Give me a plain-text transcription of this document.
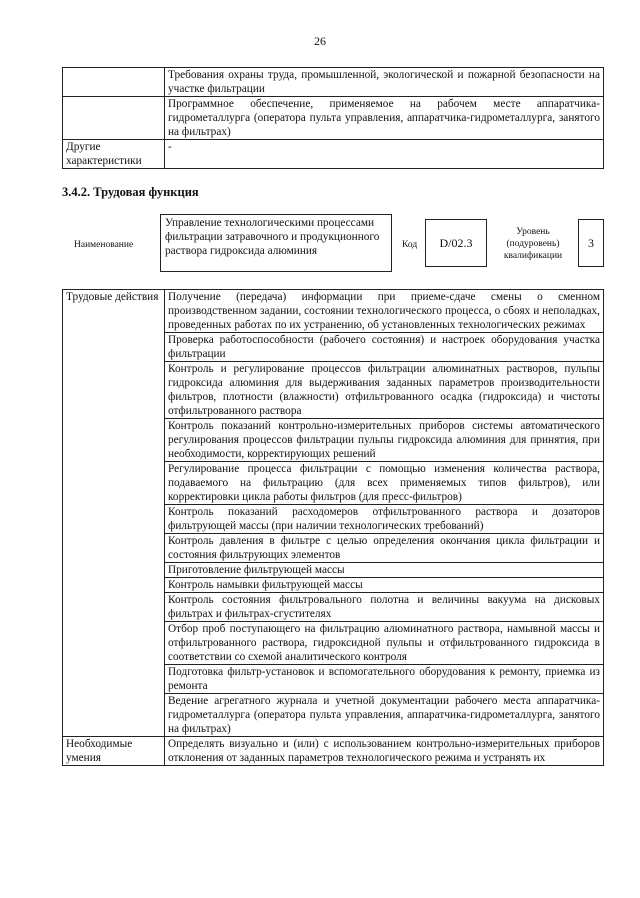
26
	Требования охраны труда, промышленной, экологической и пожарной безопасности на участке фильтрации
	Программное обеспечение, применяемое на рабочем месте аппаратчика-гидрометаллурга (оператора пульта управления, аппаратчика-гидрометаллурга, занятого на фильтрах)
Другие характеристики	-
3.4.2. Трудовая функция
Наименование
Управление технологическими процессами фильтрации затравочного и продукционного раствора гидроксида алюминия	Код	D/02.3
Уровень (подуровень) квалификации
3
Трудовые действия	Получение (передача) информации при приеме-сдаче смены о сменном производственном задании, состоянии технологического процесса, о сбоях и неполадках, проведенных работах по их устранению, об установленных технологических режимах
	Проверка работоспособности (рабочего состояния) и настроек оборудования участка фильтрации
	Контроль и регулирование процессов фильтрации алюминатных растворов, пульпы гидроксида алюминия для выдерживания заданных параметров производительности фильтров, плотности (влажности) отфильтрованного осадка (гидроксида) и чистоты отфильтрованного раствора
	Контроль показаний контрольно-измерительных приборов системы автоматического регулирования процессов фильтрации пульпы гидроксида алюминия для принятия, при необходимости, корректирующих решений
	Регулирование процесса фильтрации с помощью изменения количества раствора, подаваемого на фильтрацию (для всех применяемых типов фильтров), или корректировки цикла работы фильтров (для пресс-фильтров)
	Контроль показаний расходомеров отфильтрованного раствора и дозаторов фильтрующей массы (при наличии технологических требований)
	Контроль давления в фильтре с целью определения окончания цикла фильтрации и состояния фильтрующих элементов
	Приготовление фильтрующей массы
	Контроль намывки фильтрующей массы
	Контроль состояния фильтровального полотна и величины вакуума на дисковых фильтрах и фильтрах-сгустителях
	Отбор проб поступающего на фильтрацию алюминатного раствора, намывной массы и отфильтрованного раствора, гидроксидной пульпы и отфильтрованного гидроксида в соответствии со схемой аналитического контроля
	Подготовка фильтр-установок и вспомогательного оборудования к ремонту, приемка из ремонта
	Ведение агрегатного журнала и учетной документации рабочего места аппаратчика-гидрометаллурга (оператора пульта управления, аппаратчика-гидрометаллурга, занятого на фильтрах)
Необходимые умения	Определять визуально и (или) с использованием контрольно-измерительных приборов отклонения от заданных параметров технологического режима и устранять их
